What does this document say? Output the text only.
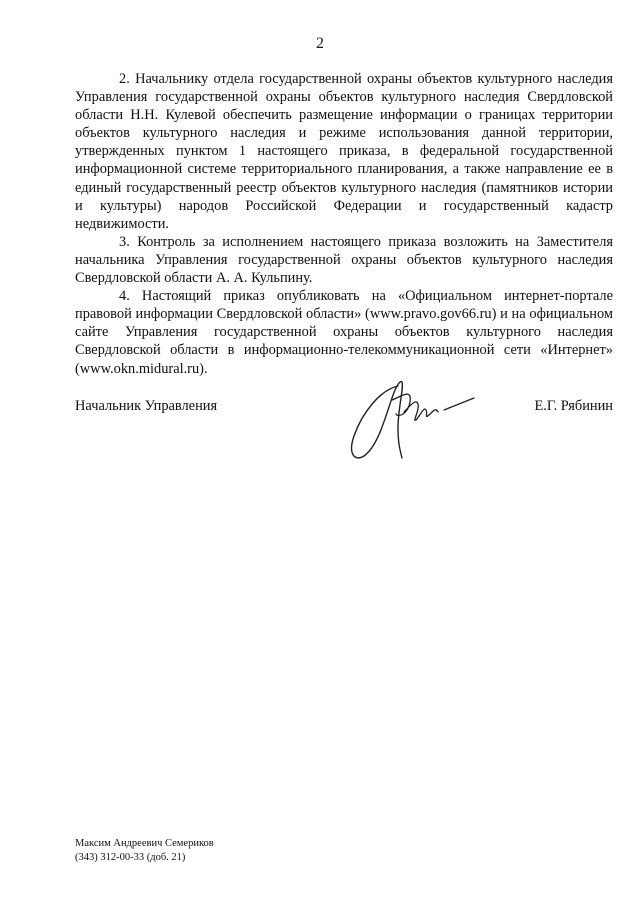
2

2. Начальнику отдела государственной охраны объектов культурного наследия Управления государственной охраны объектов культурного наследия Свердловской области Н.Н. Кулевой обеспечить размещение информации о границах территории объектов культурного наследия и режиме использования данной территории, утвержденных пунктом 1 настоящего приказа, в федеральной государственной информационной системе территориального планирования, а также направление ее в единый государственный реестр объектов культурного наследия (памятников истории и культуры) народов Российской Федерации и государственный кадастр недвижимости.

3. Контроль за исполнением настоящего приказа возложить на Заместителя начальника Управления государственной охраны объектов культурного наследия Свердловской области А. А. Кульпину.

4. Настоящий приказ опубликовать на «Официальном интернет-портале правовой информации Свердловской области» (www.pravo.gov66.ru) и на официальном сайте Управления государственной охраны объектов культурного наследия Свердловской области в информационно-телекоммуникационной сети «Интернет» (www.okn.midural.ru).

Начальник Управления	Е.Г. Рябинин
Максим Андреевич Семериков
(343) 312-00-33 (доб. 21)
